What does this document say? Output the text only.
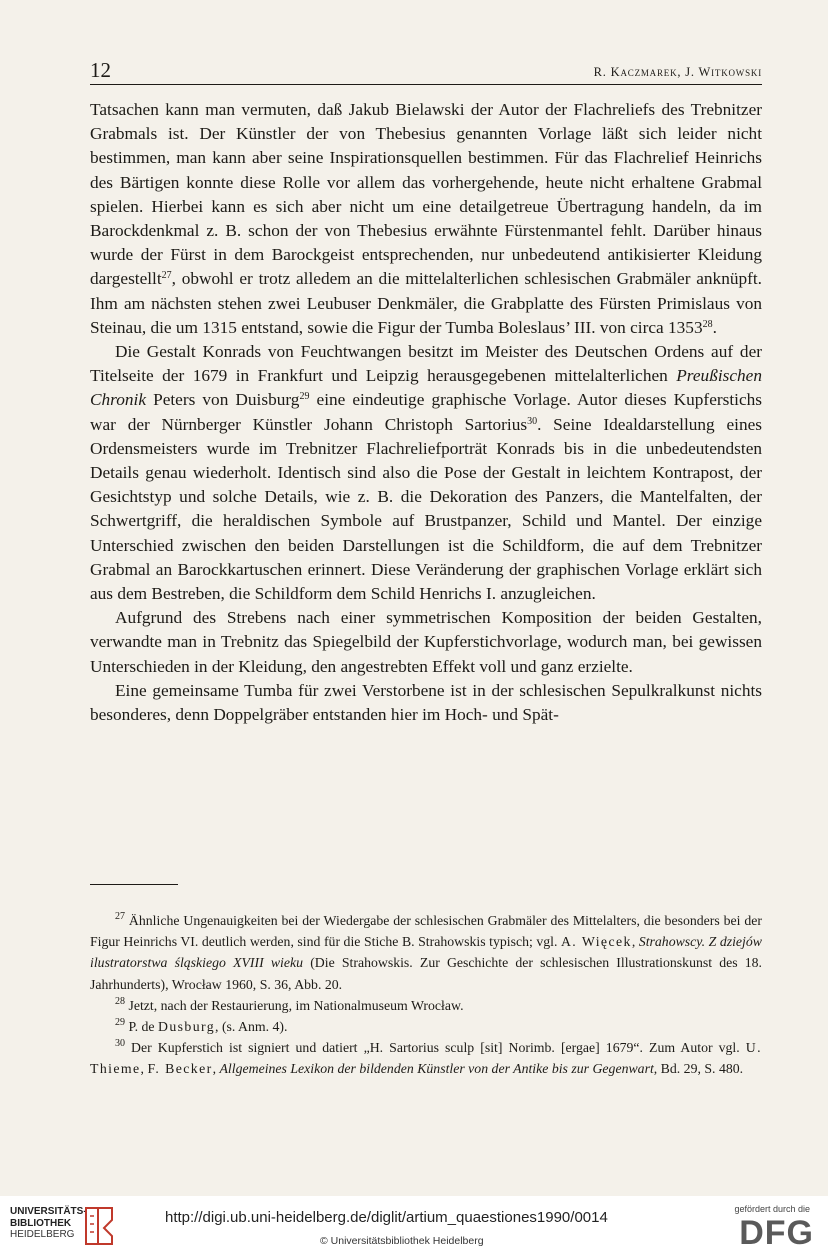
12	R. Kaczmarek, J. Witkowski

Tatsachen kann man vermuten, daß Jakub Bielawski der Autor der Flachreliefs des Trebnitzer Grabmals ist. Der Künstler der von Thebesius genannten Vorlage läßt sich leider nicht bestimmen, man kann aber seine Inspirationsquellen bestimmen. Für das Flachrelief Heinrichs des Bärtigen konnte diese Rolle vor allem das vorhergehende, heute nicht erhaltene Grabmal spielen. Hierbei kann es sich aber nicht um eine detailgetreue Übertragung handeln, da im Barockdenkmal z. B. schon der von Thebesius erwähnte Fürstenmantel fehlt. Darüber hinaus wurde der Fürst in dem Barockgeist entsprechenden, nur unbedeutend antikisierter Kleidung dargestellt$^{27}$, obwohl er trotz alledem an die mittelalterlichen schlesischen Grabmäler anknüpft. Ihm am nächsten stehen zwei Leubuser Denkmäler, die Grabplatte des Fürsten Primislaus von Steinau, die um 1315 entstand, sowie die Figur der Tumba Boleslaus’ III. von circa 1353$^{28}$.

Die Gestalt Konrads von Feuchtwangen besitzt im Meister des Deutschen Ordens auf der Titelseite der 1679 in Frankfurt und Leipzig herausgegebenen mittelalterlichen Preußischen Chronik Peters von Duisburg$^{29}$ eine eindeutige graphische Vorlage. Autor dieses Kupferstichs war der Nürnberger Künstler Johann Christoph Sartorius$^{30}$. Seine Idealdarstellung eines Ordensmeisters wurde im Trebnitzer Flachreliefporträt Konrads bis in die unbedeutendsten Details genau wiederholt. Identisch sind also die Pose der Gestalt in leichtem Kontrapost, der Gesichtstyp und solche Details, wie z. B. die Dekoration des Panzers, die Mantelfalten, der Schwertgriff, die heraldischen Symbole auf Brustpanzer, Schild und Mantel. Der einzige Unterschied zwischen den beiden Darstellungen ist die Schildform, die auf dem Trebnitzer Grabmal an Barockkartuschen erinnert. Diese Veränderung der graphischen Vorlage erklärt sich aus dem Bestreben, die Schildform dem Schild Henrichs I. anzugleichen.

Aufgrund des Strebens nach einer symmetrischen Komposition der beiden Gestalten, verwandte man in Trebnitz das Spiegelbild der Kupferstichvorlage, wodurch man, bei gewissen Unterschieden in der Kleidung, den angestrebten Effekt voll und ganz erzielte.

Eine gemeinsame Tumba für zwei Verstorbene ist in der schlesischen Sepulkralkunst nichts besonderes, denn Doppelgräber entstanden hier im Hoch- und Spät-

$^{27}$ Ähnliche Ungenauigkeiten bei der Wiedergabe der schlesischen Grabmäler des Mittelalters, die besonders bei der Figur Heinrichs VI. deutlich werden, sind für die Stiche B. Strahowskis typisch; vgl. A. Więcek, Strahowscy. Z dziejów ilustratorstwa śląskiego XVIII wieku (Die Strahowskis. Zur Geschichte der schlesischen Illustrationskunst des 18. Jahrhunderts), Wrocław 1960, S. 36, Abb. 20.

$^{28}$ Jetzt, nach der Restaurierung, im Nationalmuseum Wrocław.

$^{29}$ P. de Dusburg, (s. Anm. 4).

$^{30}$ Der Kupferstich ist signiert und datiert „H. Sartorius sculp [sit] Norimb. [ergae] 1679“. Zum Autor vgl. U. Thieme, F. Becker, Allgemeines Lexikon der bildenden Künstler von der Antike bis zur Gegenwart, Bd. 29, S. 480.

UNIVERSITÄTS-
BIBLIOTHEK
HEIDELBERG
http://digi.ub.uni-heidelberg.de/diglit/artium_quaestiones1990/0014
© Universitätsbibliothek Heidelberg
gefördert durch die
DFG
